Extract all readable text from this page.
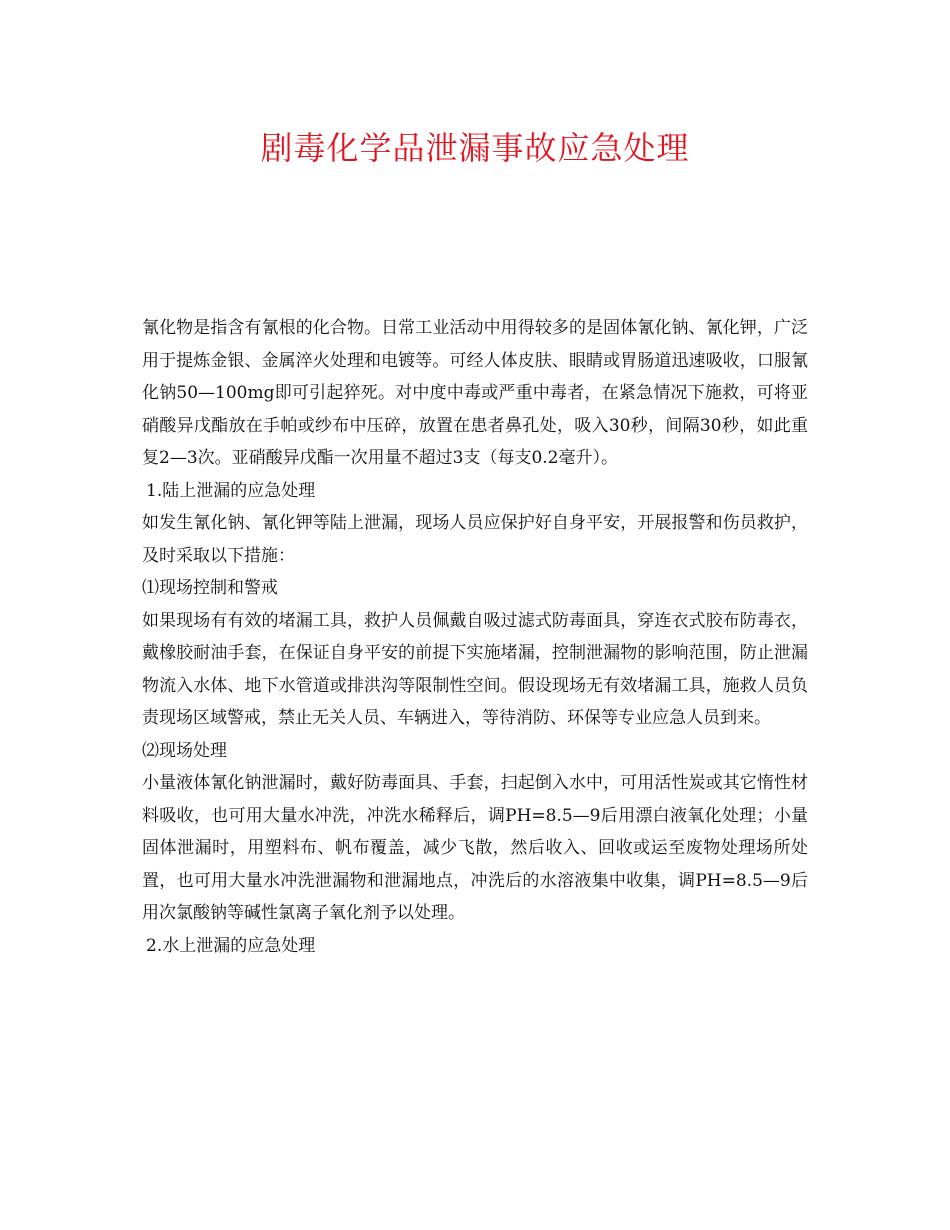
剧毒化学品泄漏事故应急处理

氰化物是指含有氰根的化合物。日常工业活动中用得较多的是固体氰化钠、氰化钾，广泛用于提炼金银、金属淬火处理和电镀等。可经人体皮肤、眼睛或胃肠道迅速吸收，口服氰化钠50—100mg即可引起猝死。对中度中毒或严重中毒者，在紧急情况下施救，可将亚硝酸异戊酯放在手帕或纱布中压碎，放置在患者鼻孔处，吸入30秒，间隔30秒，如此重复2—3次。亚硝酸异戊酯一次用量不超过3支（每支0.2毫升）。

1.陆上泄漏的应急处理

如发生氰化钠、氰化钾等陆上泄漏，现场人员应保护好自身平安，开展报警和伤员救护，及时采取以下措施：

⑴现场控制和警戒

如果现场有有效的堵漏工具，救护人员佩戴自吸过滤式防毒面具，穿连衣式胶布防毒衣，戴橡胶耐油手套，在保证自身平安的前提下实施堵漏，控制泄漏物的影响范围，防止泄漏物流入水体、地下水管道或排洪沟等限制性空间。假设现场无有效堵漏工具，施救人员负责现场区域警戒，禁止无关人员、车辆进入，等待消防、环保等专业应急人员到来。

⑵现场处理

小量液体氰化钠泄漏时，戴好防毒面具、手套，扫起倒入水中，可用活性炭或其它惰性材料吸收，也可用大量水冲洗，冲洗水稀释后，调PH=8.5—9后用漂白液氧化处理；小量固体泄漏时，用塑料布、帆布覆盖，减少飞散，然后收入、回收或运至废物处理场所处置，也可用大量水冲洗泄漏物和泄漏地点，冲洗后的水溶液集中收集，调PH=8.5—9后用次氯酸钠等碱性氯离子氧化剂予以处理。

2.水上泄漏的应急处理
